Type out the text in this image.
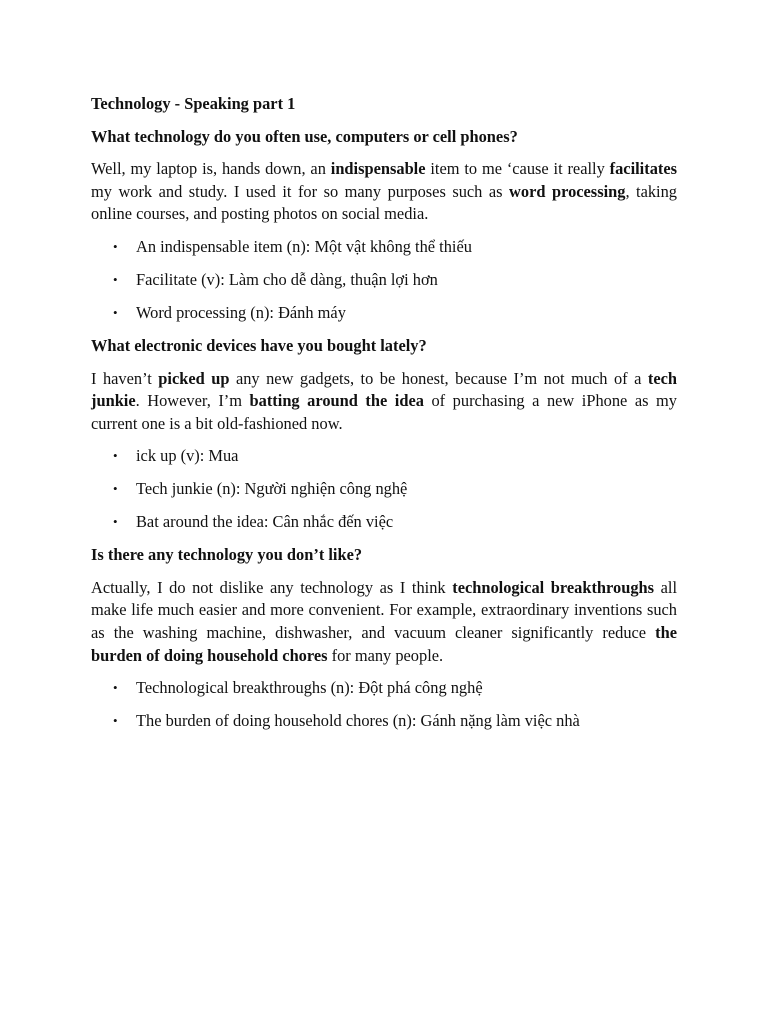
Technology - Speaking part 1

What technology do you often use, computers or cell phones?

Well, my laptop is, hands down, an indispensable item to me ‘cause it really facilitates my work and study. I used it for so many purposes such as word processing, taking online courses, and posting photos on social media.

• An indispensable item (n): Một vật không thể thiếu
• Facilitate (v): Làm cho dễ dàng, thuận lợi hơn
• Word processing (n): Đánh máy

What electronic devices have you bought lately?

I haven’t picked up any new gadgets, to be honest, because I’m not much of a tech junkie. However, I’m batting around the idea of purchasing a new iPhone as my current one is a bit old-fashioned now.

• ick up (v): Mua
• Tech junkie (n): Người nghiện công nghệ
• Bat around the idea: Cân nhắc đến việc

Is there any technology you don’t like?

Actually, I do not dislike any technology as I think technological breakthroughs all make life much easier and more convenient. For example, extraordinary inventions such as the washing machine, dishwasher, and vacuum cleaner significantly reduce the burden of doing household chores for many people.

• Technological breakthroughs (n): Đột phá công nghệ
• The burden of doing household chores (n): Gánh nặng làm việc nhà
